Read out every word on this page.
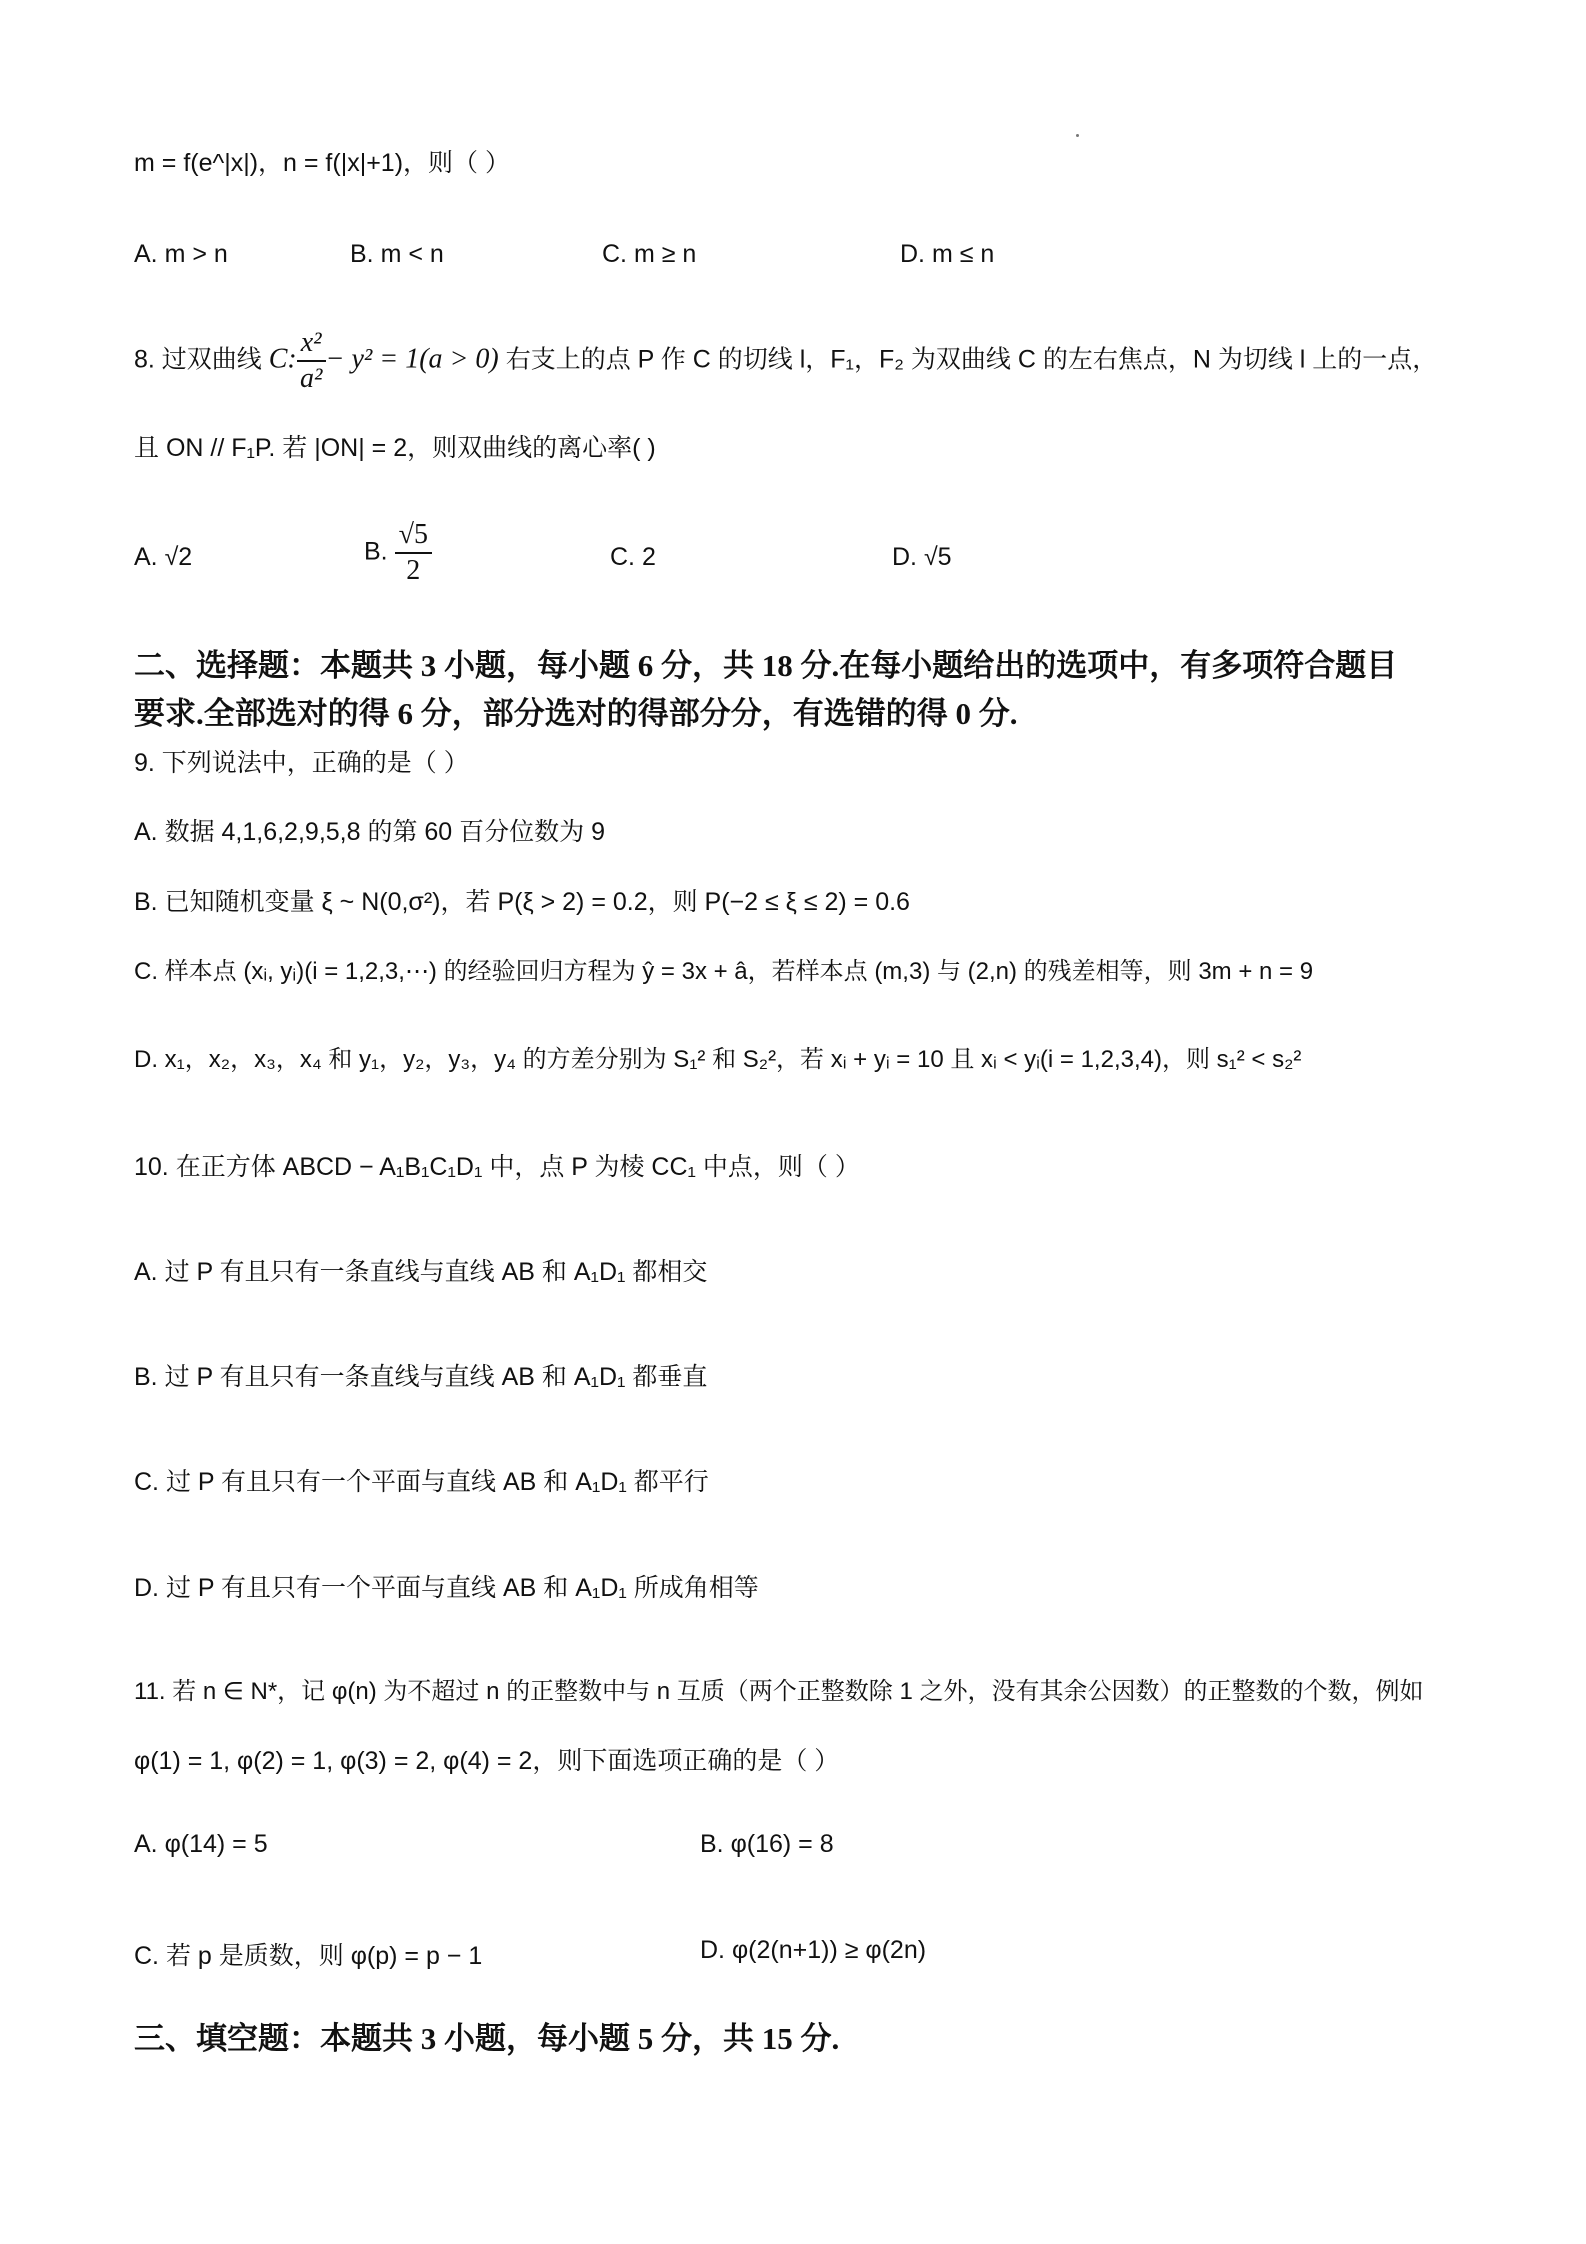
m = f(e^|x|)，n = f(|x|+1)，则（ ）
A. m > n	B. m < n	C. m ≥ n	D. m ≤ n
8. 过双曲线 C: $\frac{\text{x²}}{\text{a²}} - y^2 = 1(a > 0)$ 右支上的点 P 作 C 的切线 l，F₁，F₂ 为双曲线 C 的左右焦点，N 为切线 l 上的一点，
且 ON // F₁P. 若 |ON| = 2，则双曲线的离心率( )
A. √2	B. $\frac{√5}{2}$	C. 2	D. √5
二、选择题：本题共 3 小题，每小题 6 分，共 18 分.在每小题给出的选项中，有多项符合题目
要求.全部选对的得 6 分，部分选对的得部分分，有选错的得 0 分.
9. 下列说法中，正确的是（ ）
A. 数据 4,1,6,2,9,5,8 的第 60 百分位数为 9
B. 已知随机变量 ξ ~ N(0,σ²)，若 P(ξ > 2) = 0.2，则 P(−2 ≤ ξ ≤ 2) = 0.6
C. 样本点 (xᵢ, yᵢ)(i = 1,2,3,⋯) 的经验回归方程为 ŷ = 3x + â，若样本点 (m,3) 与 (2,n) 的残差相等，则 3m + n = 9
D. x₁，x₂，x₃，x₄ 和 y₁，y₂，y₃，y₄ 的方差分别为 S₁² 和 S₂²，若 xᵢ + yᵢ = 10 且 xᵢ < yᵢ(i = 1,2,3,4)，则 s₁² < s₂²
10. 在正方体 ABCD − A₁B₁C₁D₁ 中，点 P 为棱 CC₁ 中点，则（ ）
A. 过 P 有且只有一条直线与直线 AB 和 A₁D₁ 都相交
B. 过 P 有且只有一条直线与直线 AB 和 A₁D₁ 都垂直
C. 过 P 有且只有一个平面与直线 AB 和 A₁D₁ 都平行
D. 过 P 有且只有一个平面与直线 AB 和 A₁D₁ 所成角相等
11. 若 n ∈ N*，记 φ(n) 为不超过 n 的正整数中与 n 互质（两个正整数除 1 之外，没有其余公因数）的正整数的个数，例如
φ(1) = 1, φ(2) = 1, φ(3) = 2, φ(4) = 2，则下面选项正确的是（ ）
A. φ(14) = 5	B. φ(16) = 8
C. 若 p 是质数，则 φ(p) = p − 1	D. φ(2(n+1)) ≥ φ(2n)
三、填空题：本题共 3 小题，每小题 5 分，共 15 分.
